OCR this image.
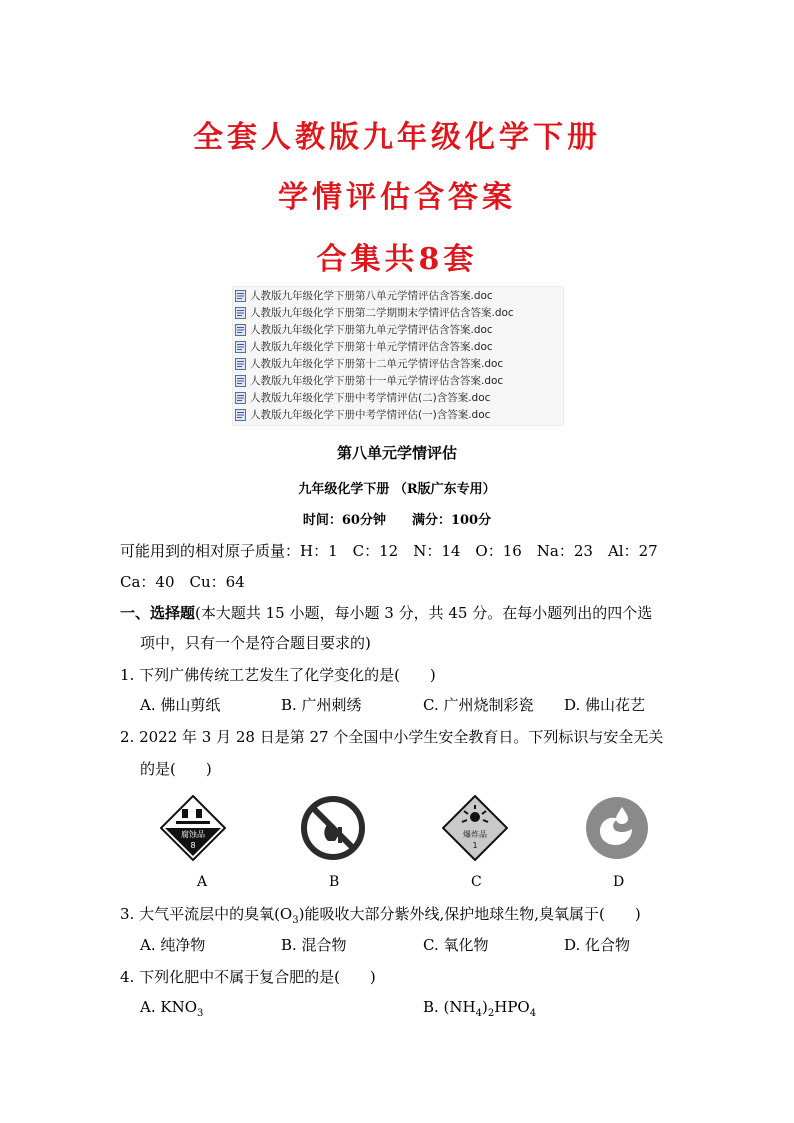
全套人教版九年级化学下册
学情评估含答案
合集共8套
人教版九年级化学下册第八单元学情评估含答案.doc
人教版九年级化学下册第二学期期末学情评估含答案.doc
人教版九年级化学下册第九单元学情评估含答案.doc
人教版九年级化学下册第十单元学情评估含答案.doc
人教版九年级化学下册第十二单元学情评估含答案.doc
人教版九年级化学下册第十一单元学情评估含答案.doc
人教版九年级化学下册中考学情评估(二)含答案.doc
人教版九年级化学下册中考学情评估(一)含答案.doc
第八单元学情评估
九年级化学下册 （R版广东专用）
时间：60分钟　　满分：100分
可能用到的相对原子质量：H：1　C：12　N：14　O：16　Na：23　Al：27
Ca：40　Cu：64
一、选择题(本大题共 15 小题，每小题 3 分，共 45 分。在每小题列出的四个选
项中，只有一个是符合题目要求的)
1. 下列广佛传统工艺发生了化学变化的是(　　)
A. 佛山剪纸	B. 广州刺绣	C. 广州烧制彩瓷 D. 佛山花艺
2. 2022 年 3 月 28 日是第 27 个全国中小学生安全教育日。下列标识与安全无关
的是(　　)
腐蚀品
8
爆炸品
1
A	B	C	D
3. 大气平流层中的臭氧$(O_3)$能吸收大部分紫外线,保护地球生物,臭氧属于(　　)
A. 纯净物	B. 混合物	C. 氧化物	D. 化合物
4. 下列化肥中不属于复合肥的是(　　)
A. $KNO_3$	B. $(NH_4)_2HPO_4$
